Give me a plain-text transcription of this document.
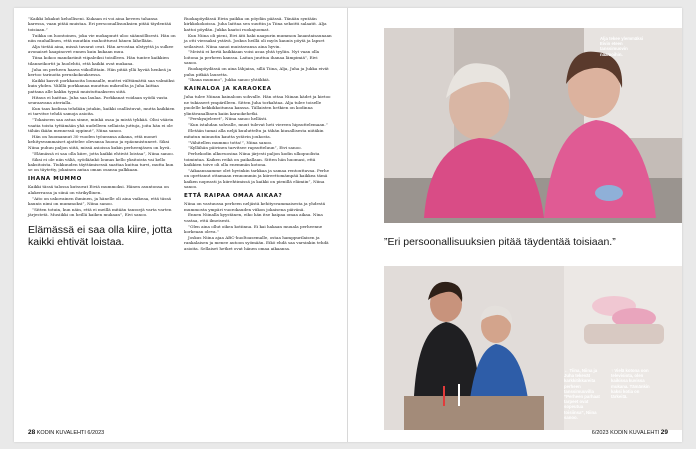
”Kaikki lokakut keholliseni. Kukaan ei voi aina kevern tahansa karessa, vaan pitää muistaa. Eri persoonallisuuksien pitää täydentää toisiaan.”

Tuikka on luontoinen, joka vie mokapuutt uloo säännöllisesti. Hän on niin rauhallinen, että muutkin rauhoittuvat hänen lähellään.

Alja tietää aina, missä tavarat ovat. Hän arvostaa ulstyyttä ja sulkee avonaiset kaapinovet ennen kuin kukaan muu.

Tiina kokoo mandariinit viipaleiksi toisilleen. Hän tuntee kaikkien tilanneikortit ja huolehtii, että kaikki ovat mukana.

Juha on perheen haava viikollittain. Hän pitää yllä hyvää henkeä ja kertoo tarinoita peruskokouksessa.

Kaikki kasvit porkkanoita lounaalle, muttei välttämättä saa valmiiksi kuin yhden. Välillä porkkanaa muuttuu mikroilta ja Juha laittaa pattana alle kakku tyynä muistuttaakseen siitä.

Hitaus ei haittaa. Juha saa laulaa. Porkkanat voidaan syödä vasta seuraavana aterialla.

Kun taas kodissa tehdään jotakin, kaikki osallistuvat, mutta kaikkien ei tarvitse tehdä samoja asioita.

”Tokaiseen saa astua sinne, minkä osaa ja mistä tykkää. Olisi väärin vaatia toista tyttämään yhä uudelleen sellaista juttuja, joita hän ei ole tähän ikään mennessä oppinut”, Niina sanoo.

Hän on huomannut 30 vuoden työuransa aikana, että monet kehitysvammaiset ajattelee olevansa huono ja epäonnistuneet. Siksi Niina puhuu paljon siitä, missä asioissa kukin perheenjäsen on hyvä.

”Elämässä ei saa olla kiire, jotta kaikki ehtivät loistaa”, Niina sanoo.

Siksi ei ole niin väliä, syödäänkö lounas kello yksitoista vai kello kaksitoista. Tiukkuuden täyttämisessä saattaa kuitua turvi, mutta kun se on täytetty, jokainen antaa oman osansa palkkaan.

IHANA MUMMO

Kaikki tässä talossa kutsuvat Eiviä mummoksi. Hänen asuntonsa on alakerrassa ja siinä on värikyllinen.

”Aito on uskovainen ihminen, ja hänelle oli aina vaikeaa, että tässä kaunis nimi on mummoksi”, Niina sanoo.

”Sitten totuin, kun näin, että ei meillä mitään tanssejä varta varten järjestetä. Musiikki on heillä kaiken mukaan”, Eivi sanoo.

Elämässä ei saa olla kiire, jotta kaikki ehtivät loistaa.

Ruokapöydässä Eivin paikka on pöydän päässä. Tänään syntään kirkkokokoissa. Juha laittaa sen suuttin ja Tiina sekoitti salaatit. Alja kattoi pöydän. Jukka kaatoi ruokajuomat.

Kun Niina oli pieni, Eivi äiti haki naapurin mummon lauantaisaunaan ja otti vieraaksi ystävä. Joskus heillä oli myös kaunis pöytä ja lapset seilasivat. Niina sanoi muistavansa aina hyvin.

”Meistä ei kertä kaikkiaan voisi asua yhtä tyyliin. Nyt vaan olla loitona ja perheen kanssa. Laitan juuttua ihanaa lämpimiä”, Eivi sanoo.

Ruokapöydässä on aina lähjaisa, sillä Tiina, Alja, Juha ja Jukka eivät puhu pitkää lausetta.

”Ihana mummo”, Jukka sanoo yhtäkkiä.

KAINALOA JA KARAOKEA

Juha tulee Niinan kainaloon sohvalle. Hän ottaa Niinan kädet ja kietoo ne tukiaseet ympärilleen. Sitten Juha torkahtaa. Alja tulee toiselle puolelle kekkikkoitunsa kanssa. Tällaisten hetkien on kodinna ylintävanallinen kaiin karaokehetki.

”Perskyajeleeet”, Niina sanoo hellästi.

”Kun istahdan sohvalle, muut tulevat heti viereen hipsuttelemaan.”

Eletään tamai alla neljä kuulutteltu ja tähän kiusallisesta niitäkin mitatun minuutin kautta ystävin joukosta.

”Vähitellen mummo totta!”, Niina sanoo.

”Kyllähän päivinen tarvitsee rapsutteluun”, Eivi sanoo.

Perhekodin alkuvuosina Niina järjesti paljon kodin ulkopuolista toimintaa. Kaiken reikä on paikallaan. Sitten hän huomasi, että kaikkien toive oli olla enemmän kotona.

”Aikaansaamme olet hyvinkin tarkkaa ja samaa rentouttavaa. Perhe on opettanut ottamaan rennommin ja kiireettomämpää kaikkea tämä kaiken nopeasti ja kiirehtimissä ja kaikki on pienillä elämiin”, Niina sanoo.

ETTÄ RAIPAA OMAA AIKAA?

Niina on vastuussa perheen neljästä kehitysvammaisesta ja yhdestä mummosta ympäri vuorokauden viikon jokaisena päivänä.

Ennen Niinalla kyystänen, eiko hän itse kaipaa omaa aikaa. Nina vastaa, että ilmeisesti.

”Olen aina ollut oikea kotiinna. Ei kai hakaan muuala perheenne korkeaan oleva.”

Joskus Niina ajaa ABC-huoltoasemalle, ostaa hamppurilaisen ja rankalaisen ja menee autoon syömään. Eikö ehdä saa varsinkin tehdä asioita. Sellaiset hetket ovat hänen omaa aikaansa.

28 KODIN KUVALEHTI 6/2023

Alja tekee ylemmäksi Eivin eteen tanssimuovin naamoihin.

”Eri persoonallisuuksien pitää täydentää toisiaan.”

← Tiina, Niina ja Juha tekevät karkkitikkareita perheen tanssimuuvilla ”Perheen parhaat tarpeet ovat sopeutua toisiinsa”, Niina sanoo.

↑ Vielä kotona oon televisiota, olen kaikissa kuvissa mukana. Tämänkin kaksi kotia on tärkeitä.

6/2023 KODIN KUVALEHTI 29
